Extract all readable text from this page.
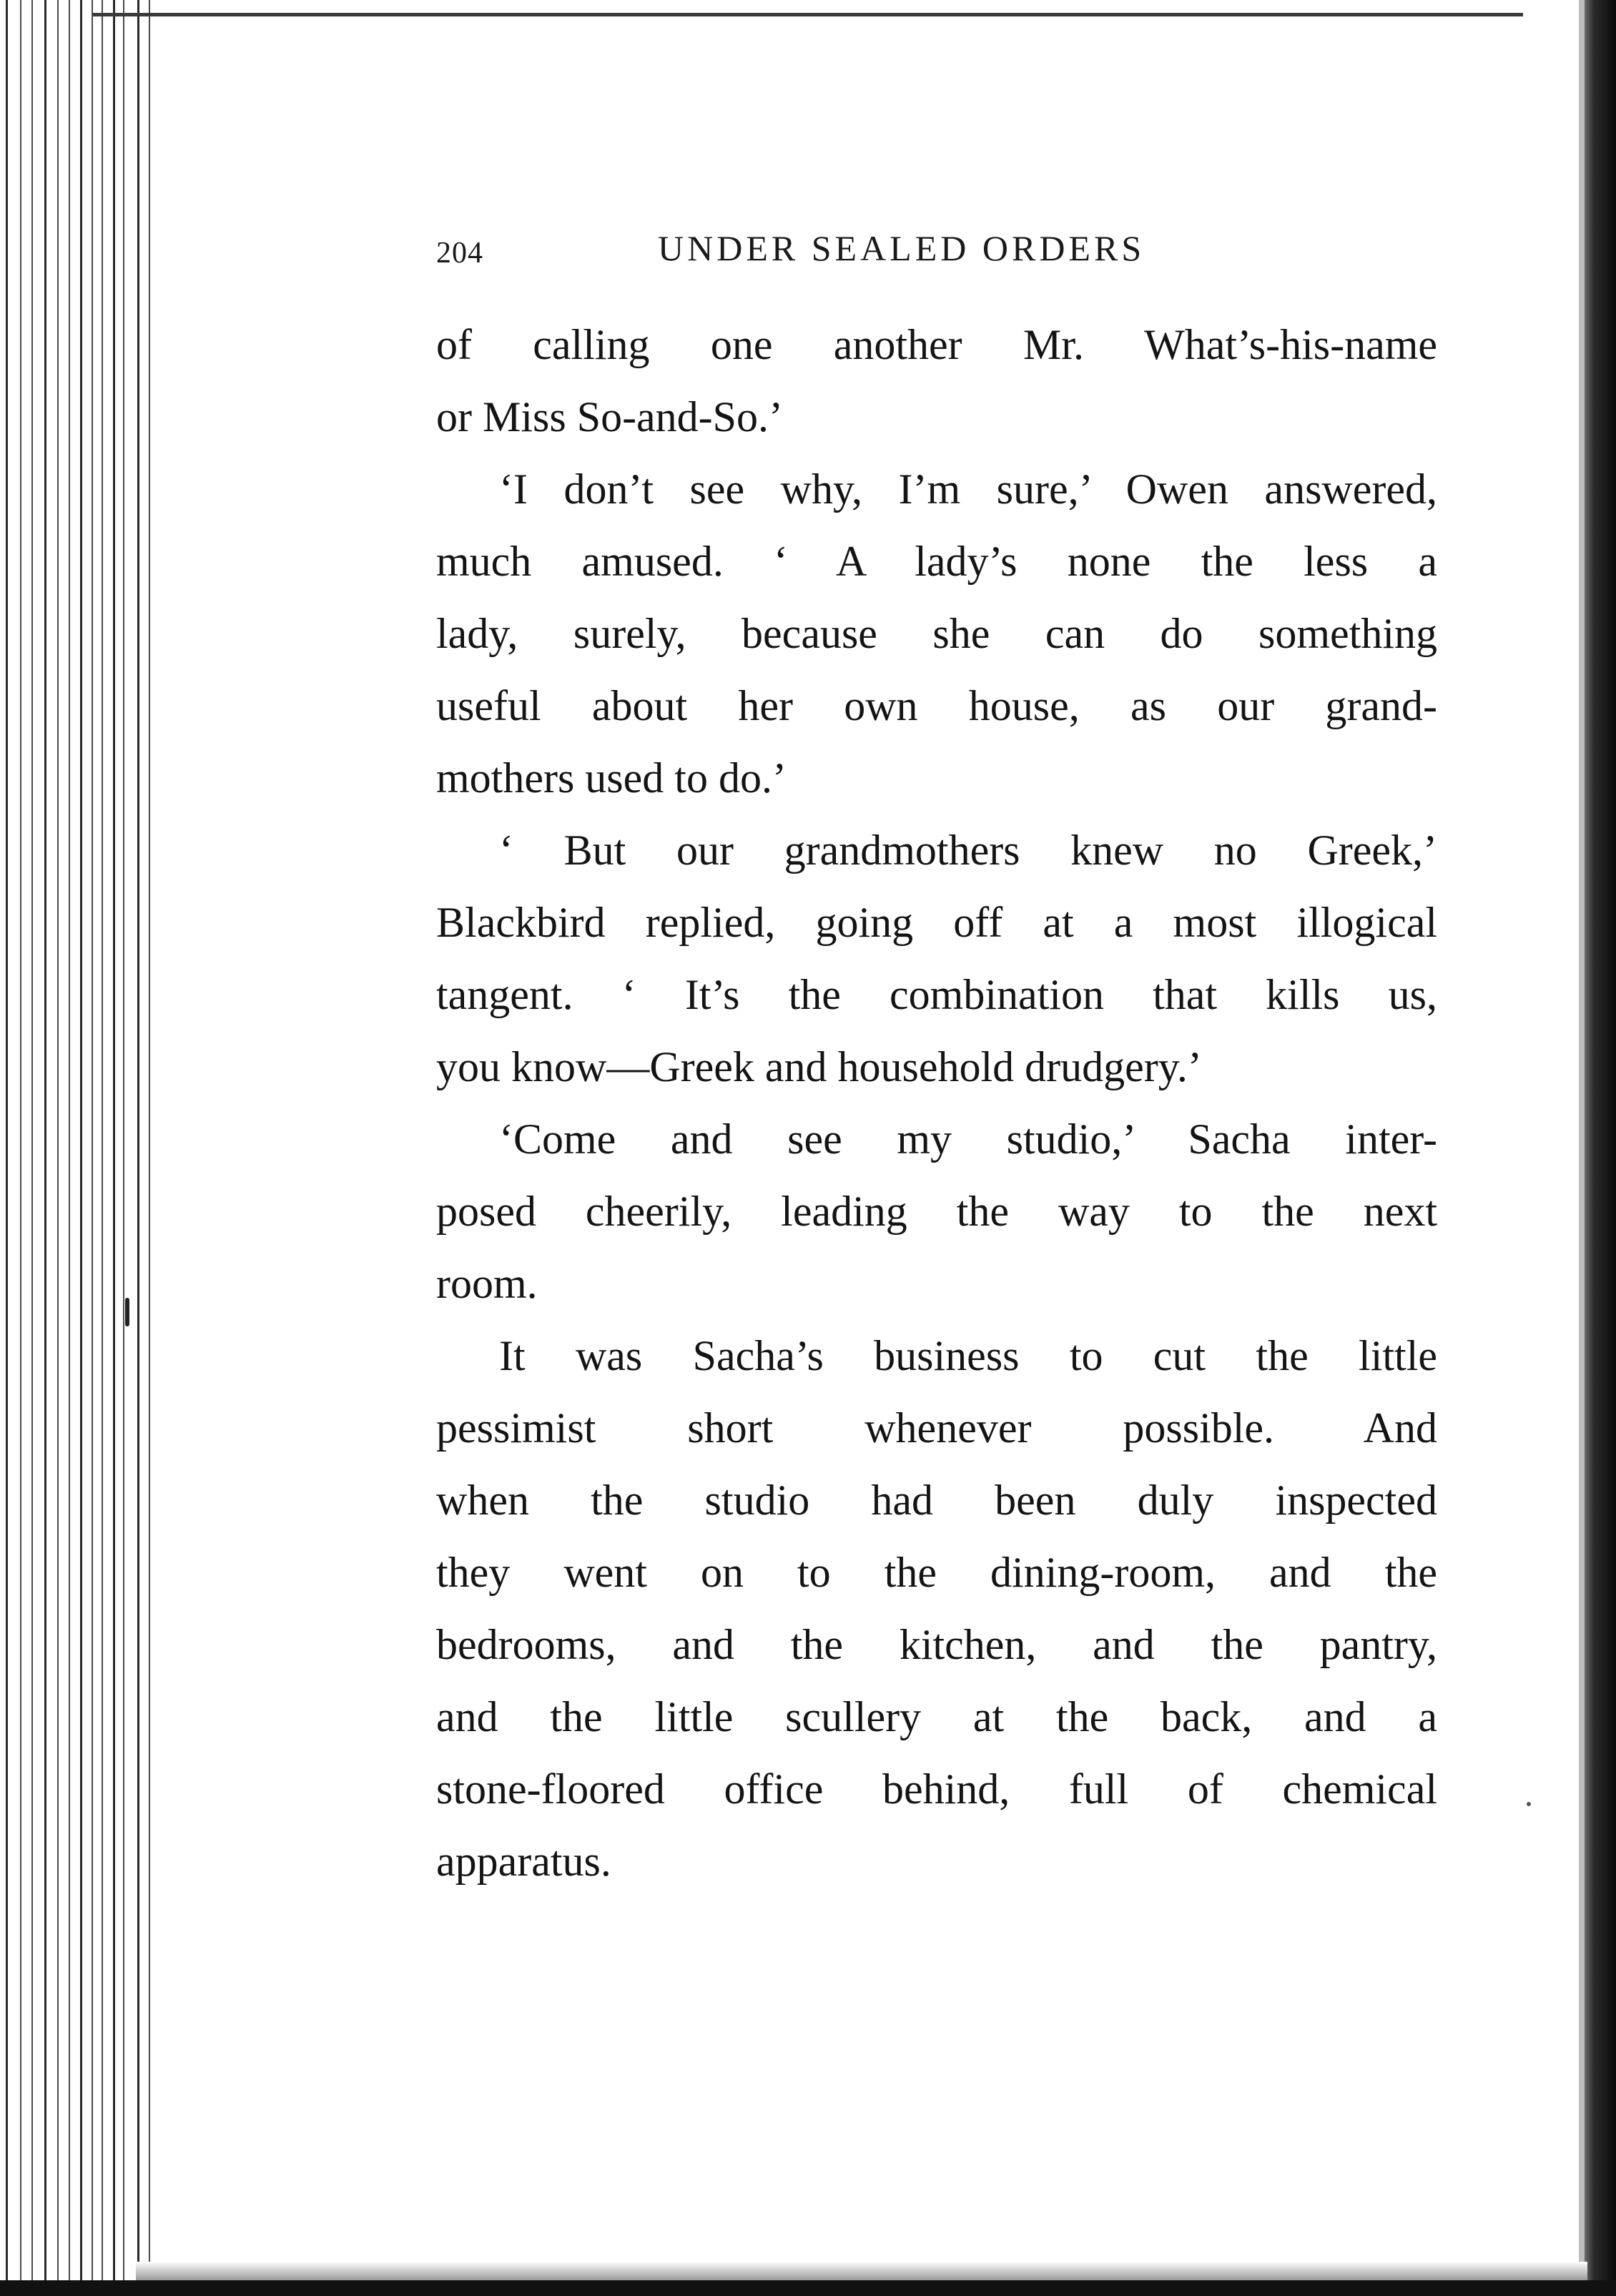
204	UNDER SEALED ORDERS
of calling one another Mr. What’s-his-name
or Miss So-and-So.’
‘I don’t see why, I’m sure,’ Owen answered,
much amused. ‘ A lady’s none the less a
lady, surely, because she can do something
useful about her own house, as our grand-
mothers used to do.’
‘ But our grandmothers knew no Greek,’
Blackbird replied, going off at a most illogical
tangent. ‘ It’s the combination that kills us,
you know—Greek and household drudgery.’
‘Come and see my studio,’ Sacha inter-
posed cheerily, leading the way to the next
room.
It was Sacha’s business to cut the little
pessimist short whenever possible. And
when the studio had been duly inspected
they went on to the dining-room, and the
bedrooms, and the kitchen, and the pantry,
and the little scullery at the back, and a
stone-floored office behind, full of chemical
apparatus.
